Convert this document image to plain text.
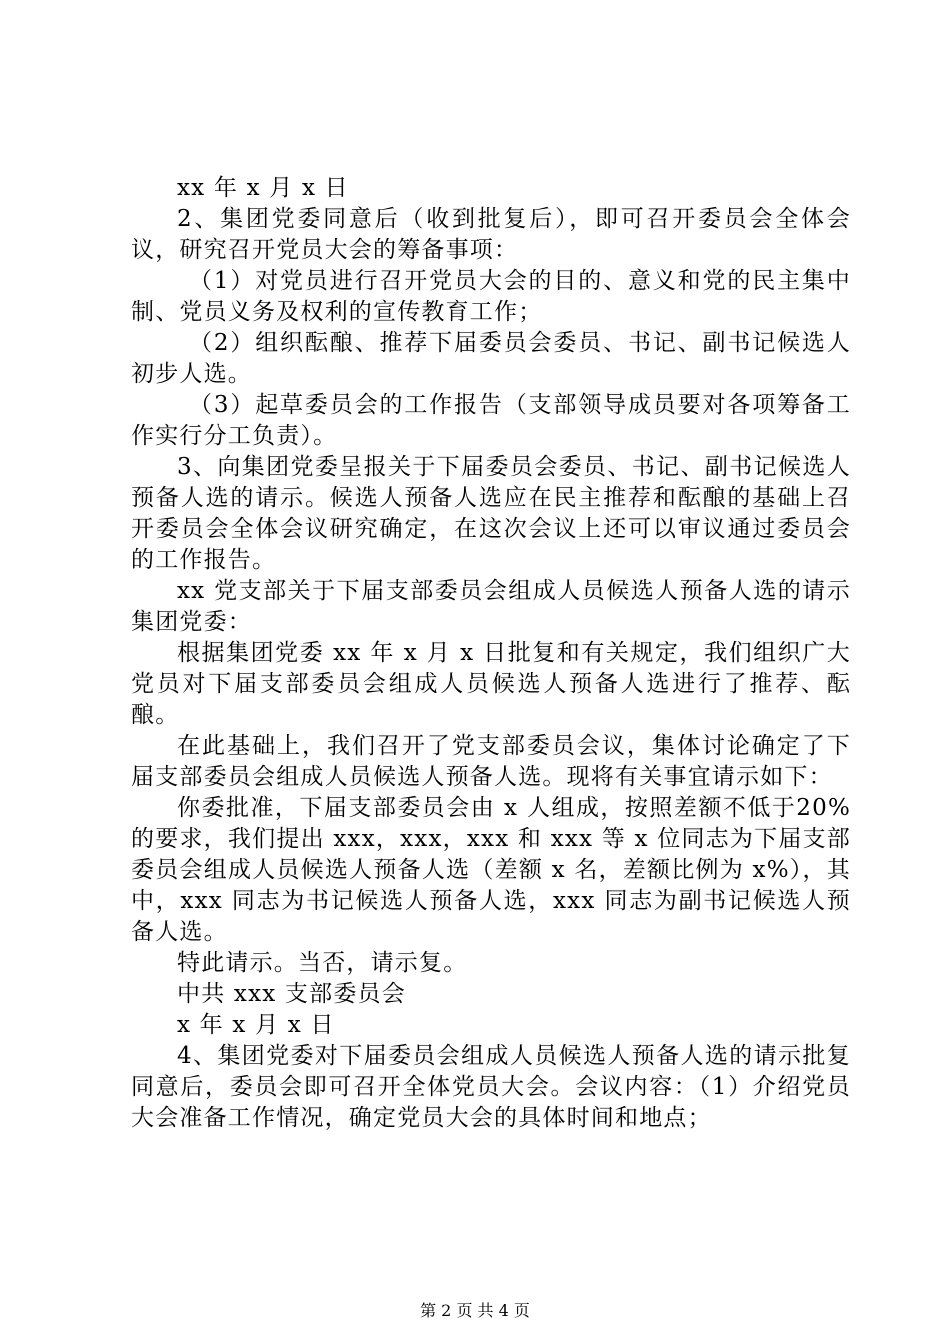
xx 年 x 月 x 日

2、集团党委同意后（收到批复后），即可召开委员会全体会议，研究召开党员大会的筹备事项：

（1）对党员进行召开党员大会的目的、意义和党的民主集中制、党员义务及权利的宣传教育工作；

（2）组织酝酿、推荐下届委员会委员、书记、副书记候选人初步人选。

（3）起草委员会的工作报告（支部领导成员要对各项筹备工作实行分工负责）。

3、向集团党委呈报关于下届委员会委员、书记、副书记候选人预备人选的请示。候选人预备人选应在民主推荐和酝酿的基础上召开委员会全体会议研究确定，在这次会议上还可以审议通过委员会的工作报告。

xx 党支部关于下届支部委员会组成人员候选人预备人选的请示集团党委：

根据集团党委 xx 年 x 月 x 日批复和有关规定，我们组织广大党员对下届支部委员会组成人员候选人预备人选进行了推荐、酝酿。

在此基础上，我们召开了党支部委员会议，集体讨论确定了下届支部委员会组成人员候选人预备人选。现将有关事宜请示如下：

你委批准，下届支部委员会由 x 人组成，按照差额不低于20%的要求，我们提出 xxx，xxx，xxx 和 xxx 等 x 位同志为下届支部委员会组成人员候选人预备人选（差额 x 名，差额比例为 x%），其中，xxx 同志为书记候选人预备人选，xxx 同志为副书记候选人预备人选。

特此请示。当否，请示复。

中共 xxx 支部委员会

x 年 x 月 x 日

4、集团党委对下届委员会组成人员候选人预备人选的请示批复同意后，委员会即可召开全体党员大会。会议内容：（1）介绍党员大会准备工作情况，确定党员大会的具体时间和地点；

第 2 页 共 4 页
